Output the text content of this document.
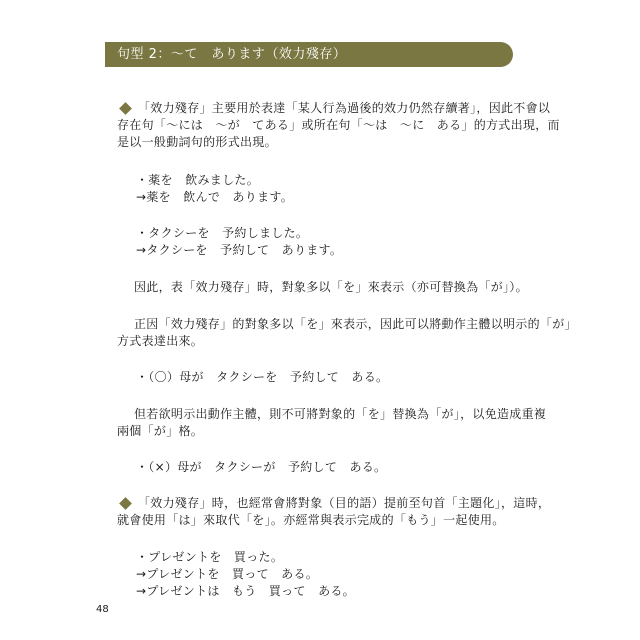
句型 2：〜て　あります（效力殘存）
「效力殘存」主要用於表達「某人行為過後的效力仍然存續著」，因此不會以
存在句「〜には　〜が　てある」或所在句「〜は　〜に　ある」的方式出現，而
是以一般動詞句的形式出現。
・薬を　飲みました。
→薬を　飲んで　あります。
・タクシーを　予約しました。
→タクシーを　予約して　あります。
因此，表「效力殘存」時，對象多以「を」來表示（亦可替換為「が」）。
正因「效力殘存」的對象多以「を」來表示，因此可以將動作主體以明示的「が」
方式表達出來。
・（〇）母が　タクシーを　予約して　ある。
但若欲明示出動作主體，則不可將對象的「を」替換為「が」，以免造成重複
兩個「が」格。
・（×）母が　タクシーが　予約して　ある。
「效力殘存」時，也經常會將對象（目的語）提前至句首「主題化」，這時，
就會使用「は」來取代「を」。亦經常與表示完成的「もう」一起使用。
・プレゼントを　買った。
→プレゼントを　買って　ある。
→プレゼントは　もう　買って　ある。
48
